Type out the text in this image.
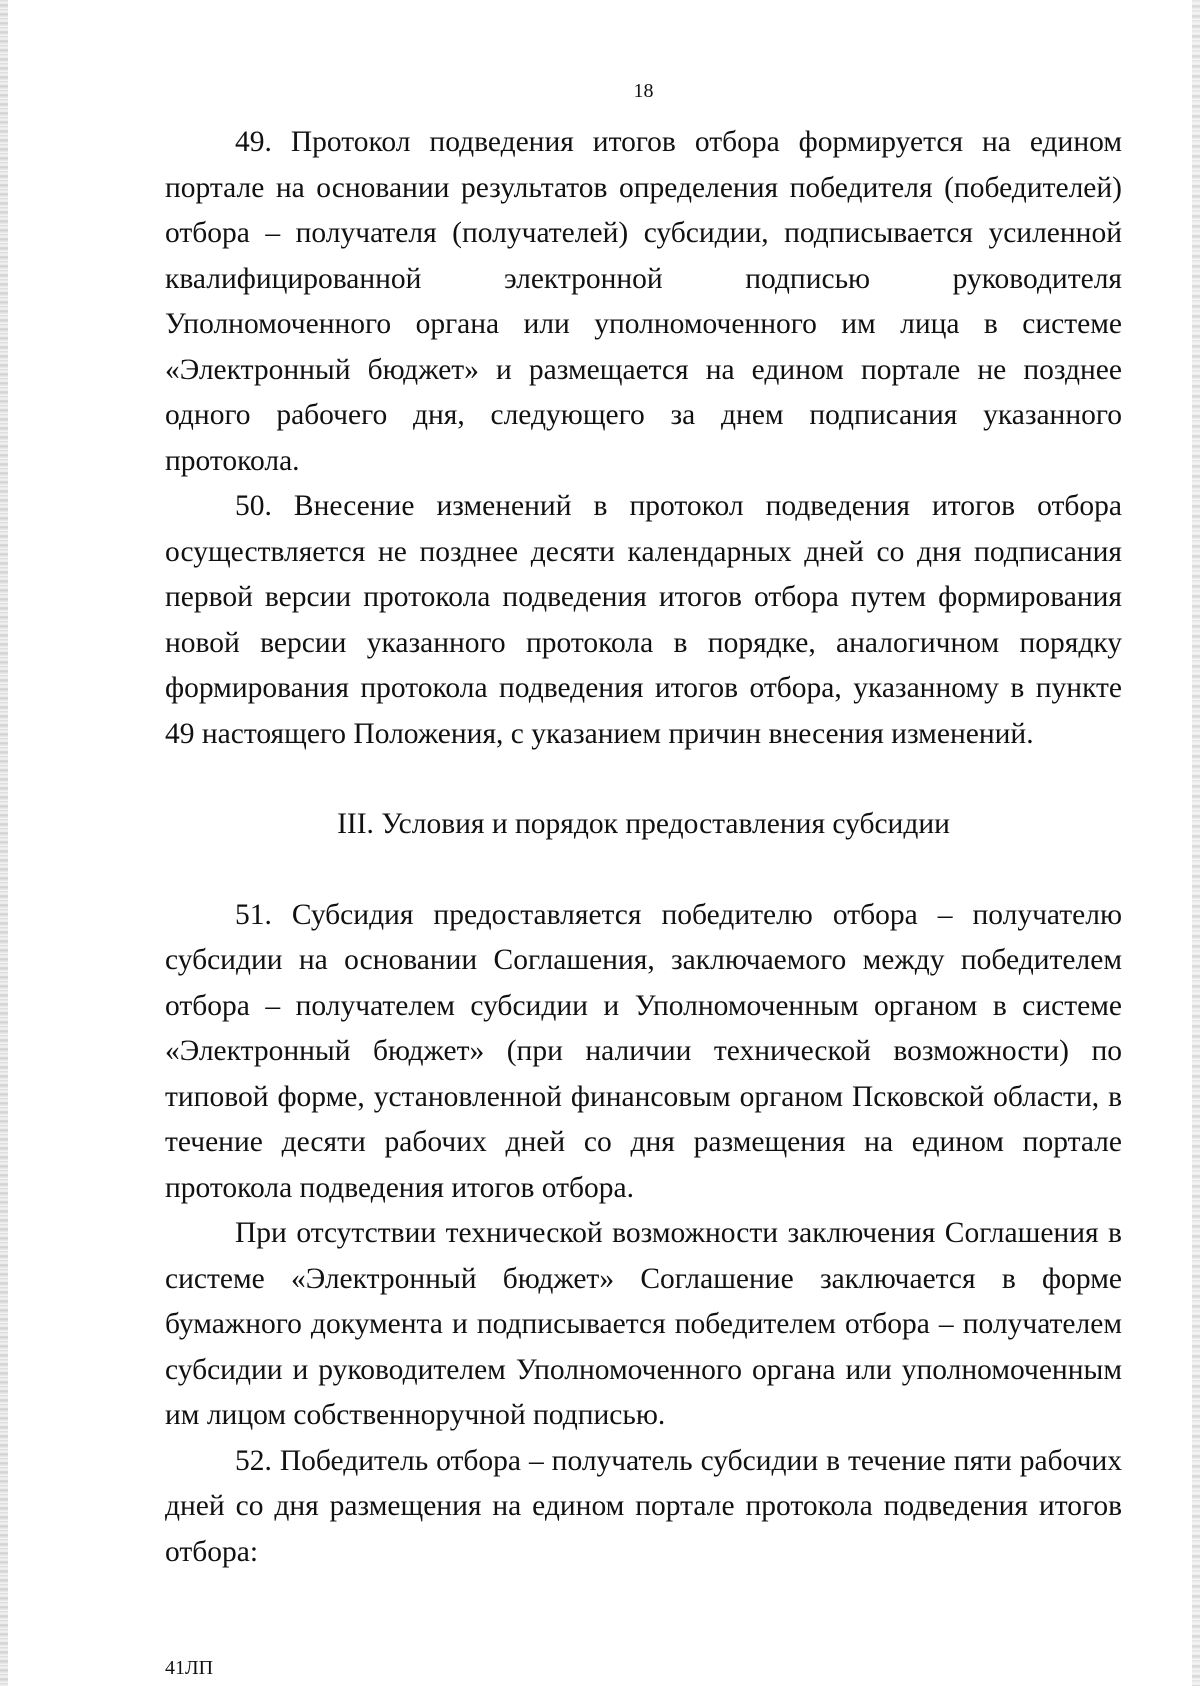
18

49. Протокол подведения итогов отбора формируется на едином портале на основании результатов определения победителя (победителей) отбора – получателя (получателей) субсидии, подписывается усиленной квалифицированной электронной подписью руководителя Уполномоченного органа или уполномоченного им лица в системе «Электронный бюджет» и размещается на едином портале не позднее одного рабочего дня, следующего за днем подписания указанного протокола.

50. Внесение изменений в протокол подведения итогов отбора осуществляется не позднее десяти календарных дней со дня подписания первой версии протокола подведения итогов отбора путем формирования новой версии указанного протокола в порядке, аналогичном порядку формирования протокола подведения итогов отбора, указанному в пункте 49 настоящего Положения, с указанием причин внесения изменений.

III. Условия и порядок предоставления субсидии

51. Субсидия предоставляется победителю отбора – получателю субсидии на основании Соглашения, заключаемого между победителем отбора – получателем субсидии и Уполномоченным органом в системе «Электронный бюджет» (при наличии технической возможности) по типовой форме, установленной финансовым органом Псковской области, в течение десяти рабочих дней со дня размещения на едином портале протокола подведения итогов отбора.

При отсутствии технической возможности заключения Соглашения в системе «Электронный бюджет» Соглашение заключается в форме бумажного документа и подписывается победителем отбора – получателем субсидии и руководителем Уполномоченного органа или уполномоченным им лицом собственноручной подписью.

52. Победитель отбора – получатель субсидии в течение пяти рабочих дней со дня размещения на едином портале протокола подведения итогов отбора:

41ЛП
